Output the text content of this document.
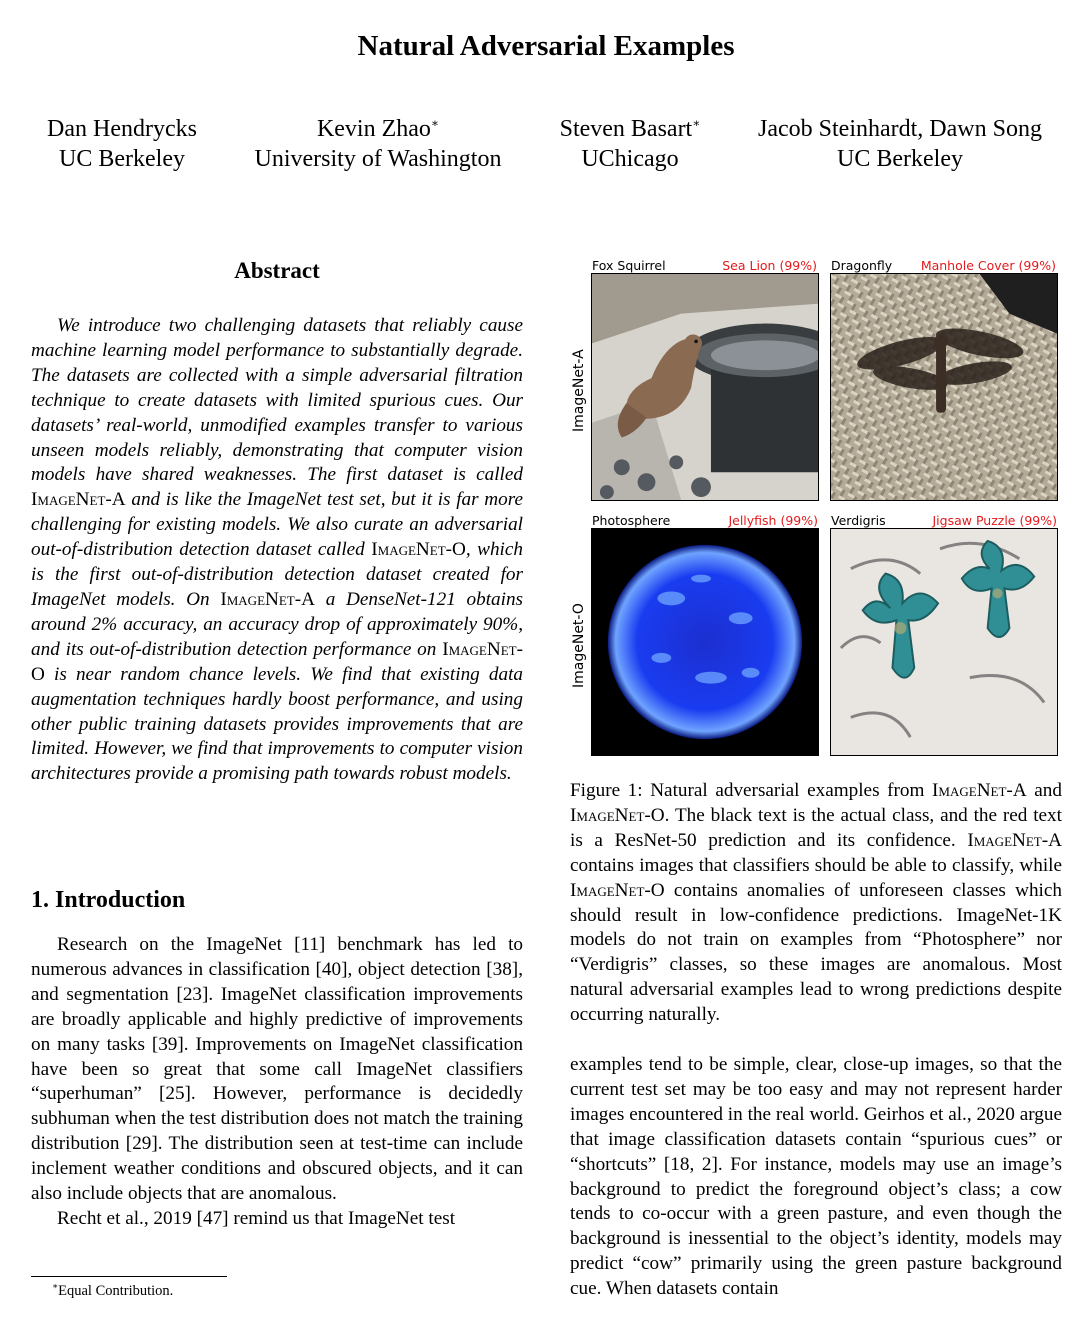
Natural Adversarial Examples
Dan Hendrycks
UC Berkeley
Kevin Zhao∗
University of Washington
Steven Basart∗
UChicago
Jacob Steinhardt, Dawn Song
UC Berkeley
Abstract

We introduce two challenging datasets that reliably cause machine learning model performance to substantially degrade. The datasets are collected with a simple adversarial filtration technique to create datasets with limited spurious cues. Our datasets’ real-world, unmodified examples transfer to various unseen models reliably, demonstrating that computer vision models have shared weaknesses. The first dataset is called ImageNet-A and is like the ImageNet test set, but it is far more challenging for existing models. We also curate an adversarial out-of-distribution detection dataset called ImageNet-O, which is the first out-of-distribution detection dataset created for ImageNet models. On ImageNet-A a DenseNet-121 obtains around 2% accuracy, an accuracy drop of approximately 90%, and its out-of-distribution detection performance on ImageNet-O is near random chance levels. We find that existing data augmentation techniques hardly boost performance, and using other public training datasets provides improvements that are limited. However, we find that improvements to computer vision architectures provide a promising path towards robust models.

1. Introduction

Research on the ImageNet [11] benchmark has led to numerous advances in classification [40], object detection [38], and segmentation [23]. ImageNet classification improvements are broadly applicable and highly predictive of improvements on many tasks [39]. Improvements on ImageNet classification have been so great that some call ImageNet classifiers “superhuman” [25]. However, performance is decidedly subhuman when the test distribution does not match the training distribution [29]. The distribution seen at test-time can include inclement weather conditions and obscured objects, and it can also include objects that are anomalous.

Recht et al., 2019 [47] remind us that ImageNet test

∗Equal Contribution.
ImageNet-A
ImageNet-O
Fox Squirrel	Sea Lion (99%) Dragonfly	Manhole Cover (99%)
Photosphere	Jellyfish (99%) Verdigris	Jigsaw Puzzle (99%)

Figure 1: Natural adversarial examples from ImageNet-A and ImageNet-O. The black text is the actual class, and the red text is a ResNet-50 prediction and its confidence. ImageNet-A contains images that classifiers should be able to classify, while ImageNet-O contains anomalies of unforeseen classes which should result in low-confidence predictions. ImageNet-1K models do not train on examples from “Photosphere” nor “Verdigris” classes, so these images are anomalous. Most natural adversarial examples lead to wrong predictions despite occurring naturally.

examples tend to be simple, clear, close-up images, so that the current test set may be too easy and may not represent harder images encountered in the real world. Geirhos et al., 2020 argue that image classification datasets contain “spurious cues” or “shortcuts” [18, 2]. For instance, models may use an image’s background to predict the foreground object’s class; a cow tends to co-occur with a green pasture, and even though the background is inessential to the object’s identity, models may predict “cow” primarily using the green pasture background cue. When datasets contain
